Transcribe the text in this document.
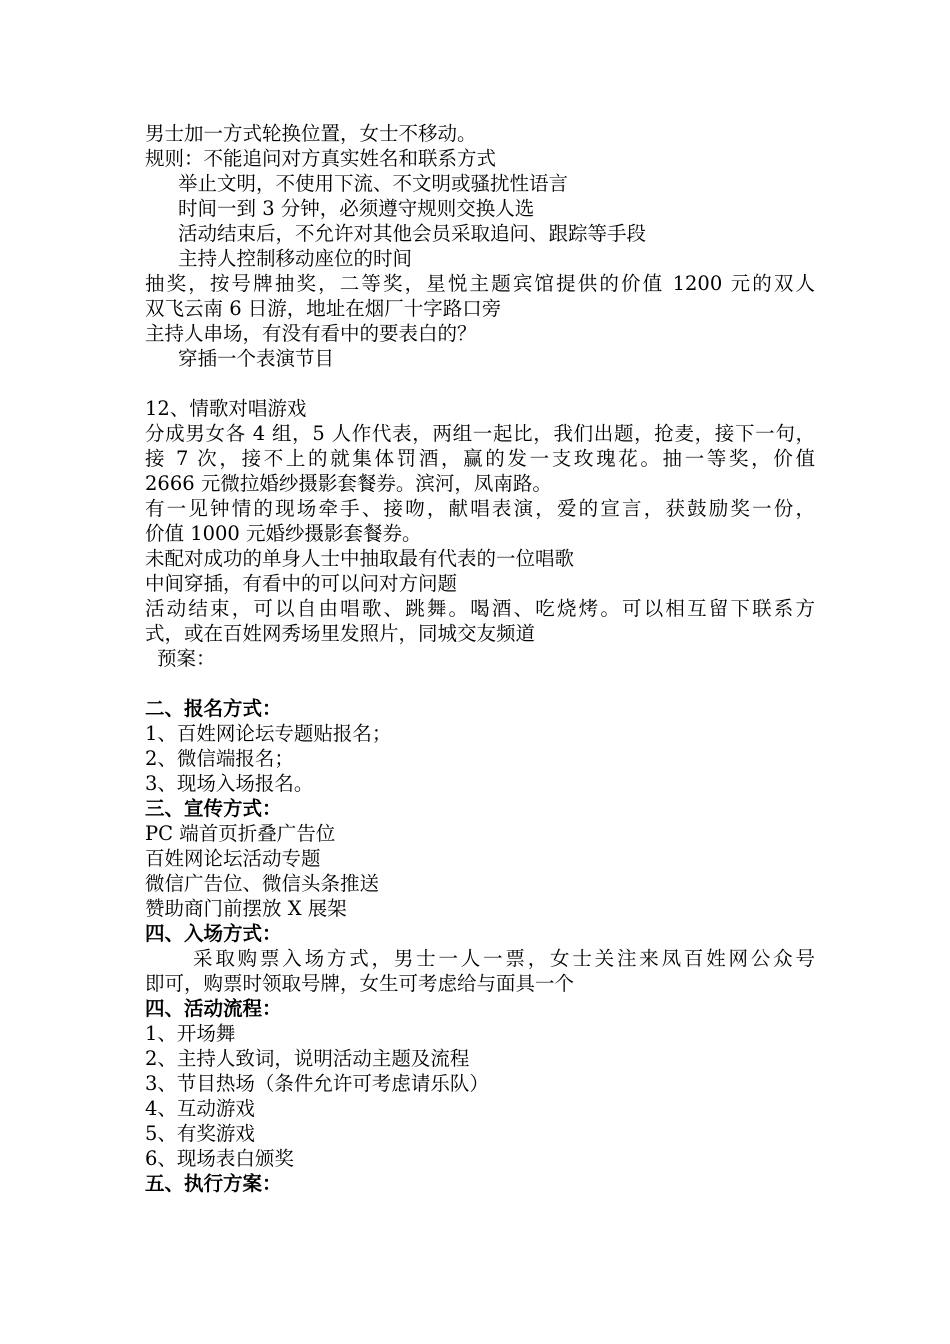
男士加一方式轮换位置，女士不移动。
规则：不能追问对方真实姓名和联系方式
举止文明，不使用下流、不文明或骚扰性语言
时间一到 3 分钟，必须遵守规则交换人选
活动结束后，不允许对其他会员采取追问、跟踪等手段
主持人控制移动座位的时间
抽奖，按号牌抽奖，二等奖，星悦主题宾馆提供的价值 1200 元的双人
双飞云南 6 日游，地址在烟厂十字路口旁
主持人串场，有没有看中的要表白的？
穿插一个表演节目
12、情歌对唱游戏
分成男女各 4 组，5 人作代表，两组一起比，我们出题，抢麦，接下一句，
接 7 次，接不上的就集体罚酒，赢的发一支玫瑰花。抽一等奖，价值
2666 元微拉婚纱摄影套餐券。滨河，凤南路。
有一见钟情的现场牵手、接吻，献唱表演，爱的宣言，获鼓励奖一份，
价值 1000 元婚纱摄影套餐券。
未配对成功的单身人士中抽取最有代表的一位唱歌
中间穿插，有看中的可以问对方问题
活动结束，可以自由唱歌、跳舞。喝酒、吃烧烤。可以相互留下联系方
式，或在百姓网秀场里发照片，同城交友频道
预案：
二、报名方式：
1、百姓网论坛专题贴报名；
2、微信端报名；
3、现场入场报名。
三、宣传方式：
PC 端首页折叠广告位
百姓网论坛活动专题
微信广告位、微信头条推送
赞助商门前摆放 X 展架
四、入场方式：
采取购票入场方式，男士一人一票，女士关注来凤百姓网公众号
即可，购票时领取号牌，女生可考虑给与面具一个
四、活动流程：
1、开场舞
2、主持人致词，说明活动主题及流程
3、节目热场（条件允许可考虑请乐队）
4、互动游戏
5、有奖游戏
6、现场表白颁奖
五、执行方案：
